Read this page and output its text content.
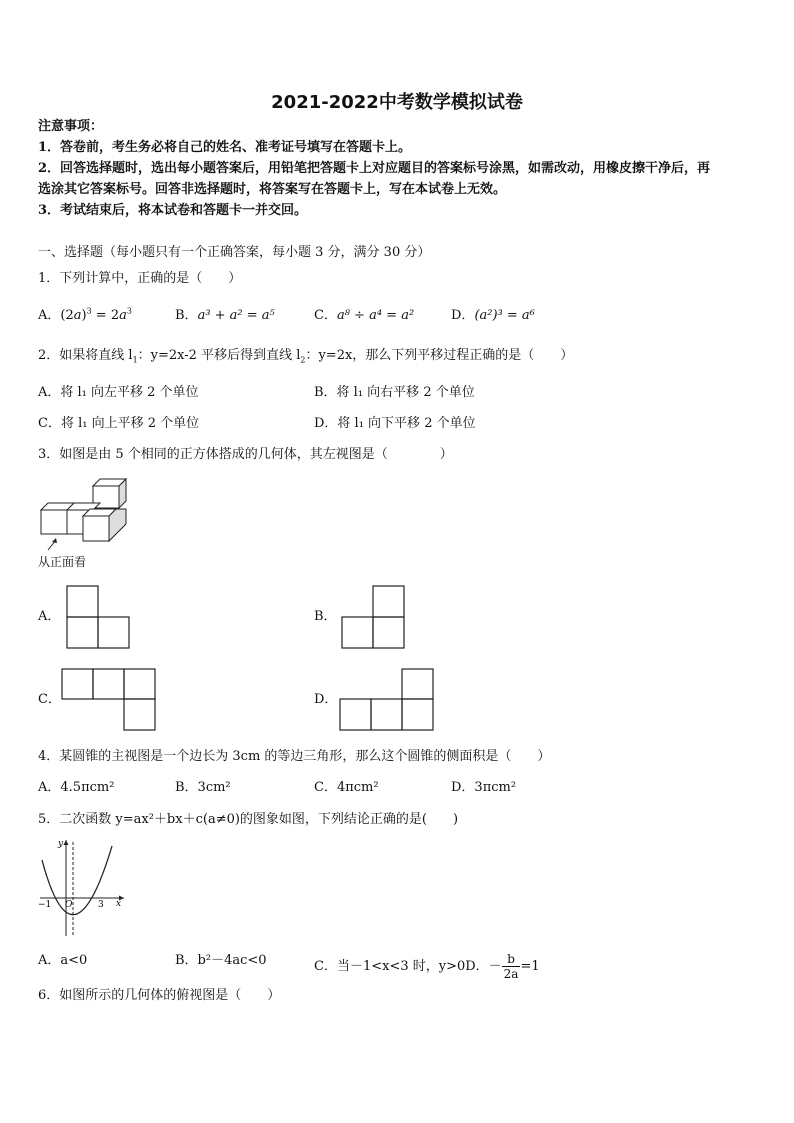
2021-2022中考数学模拟试卷
注意事项：
1．答卷前，考生务必将自己的姓名、准考证号填写在答题卡上。
2．回答选择题时，选出每小题答案后，用铅笔把答题卡上对应题目的答案标号涂黑，如需改动，用橡皮擦干净后，再
选涂其它答案标号。回答非选择题时，将答案写在答题卡上，写在本试卷上无效。
3．考试结束后，将本试卷和答题卡一并交回。
一、选择题（每小题只有一个正确答案，每小题 3 分，满分 30 分）
1．下列计算中，正确的是（　　）
A．$(2a)^3 = 2a^3$	B．a³ + a² = a⁵	C．a⁸ ÷ a⁴ = a²	D．(a²)³ = a⁶
2．如果将直线 $l_1$：y=2x-2 平移后得到直线 $l_2$：y=2x，那么下列平移过程正确的是（　　）
A．将 l₁ 向左平移 2 个单位	B．将 l₁ 向右平移 2 个单位
C．将 l₁ 向上平移 2 个单位	D．将 l₁ 向下平移 2 个单位
3．如图是由 5 个相同的正方体搭成的几何体，其左视图是（　　　　）
从正面看
A．	B．
C．	D．
4．某圆锥的主视图是一个边长为 3cm 的等边三角形，那么这个圆锥的侧面积是（　　）
A．4.5πcm²	B．3cm²	C．4πcm²	D．3πcm²
5．二次函数 y=ax²＋bx＋c(a≠0)的图象如图，下列结论正确的是(　　)
y
x
−1 O	3
A．a<0	B．b²－4ac<0	C．当－1<x<3 时，y>0D．－ $\frac{b}{2a} =1$
6．如图所示的几何体的俯视图是（　　）
